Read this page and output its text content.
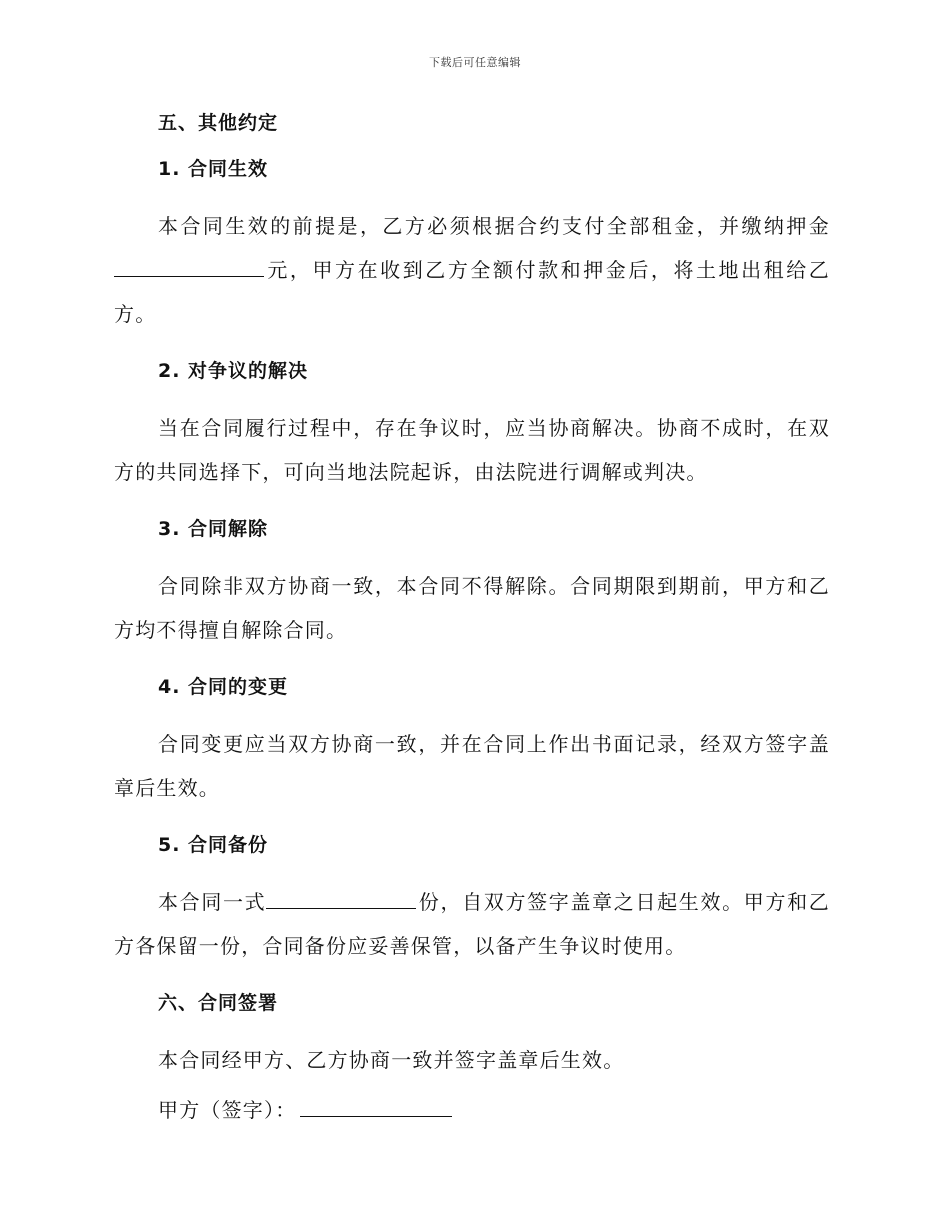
下载后可任意编辑
五、其他约定
1. 合同生效

本合同生效的前提是，乙方必须根据合约支付全部租金，并缴纳押金元，甲方在收到乙方全额付款和押金后，将土地出租给乙方。

2. 对争议的解决

当在合同履行过程中，存在争议时，应当协商解决。协商不成时，在双方的共同选择下，可向当地法院起诉，由法院进行调解或判决。

3. 合同解除

合同除非双方协商一致，本合同不得解除。合同期限到期前，甲方和乙方均不得擅自解除合同。

4. 合同的变更

合同变更应当双方协商一致，并在合同上作出书面记录，经双方签字盖章后生效。

5. 合同备份

本合同一式	份，自双方签字盖章之日起生效。甲方和乙方各保留一份，合同备份应妥善保管，以备产生争议时使用。

六、合同签署

本合同经甲方、乙方协商一致并签字盖章后生效。

甲方（签字）：
